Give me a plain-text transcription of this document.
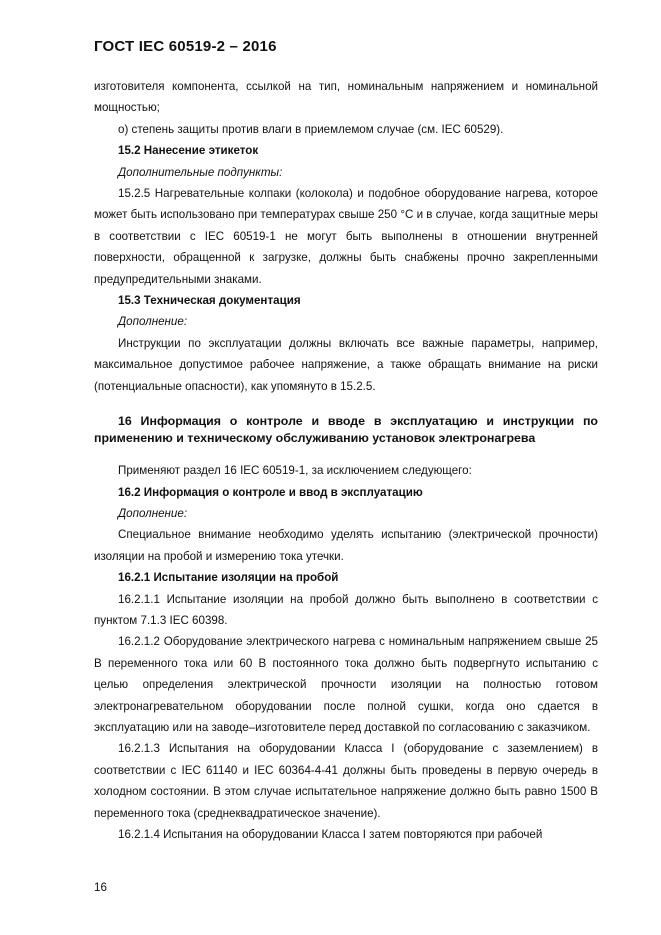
ГОСТ IEC 60519-2 – 2016

изготовителя компонента, ссылкой на тип, номинальным напряжением и номинальной мощностью;

o) степень защиты против влаги в приемлемом случае (см. IEC 60529).

15.2 Нанесение этикеток

Дополнительные подпункты:

15.2.5 Нагревательные колпаки (колокола) и подобное оборудование нагрева, которое может быть использовано при температурах свыше 250 °С и в случае, когда защитные меры в соответствии с IEC 60519-1 не могут быть выполнены в отношении внутренней поверхности, обращенной к загрузке, должны быть снабжены прочно закрепленными предупредительными знаками.

15.3 Техническая документация

Дополнение:

Инструкции по эксплуатации должны включать все важные параметры, например, максимальное допустимое рабочее напряжение, а также обращать внимание на риски (потенциальные опасности), как упомянуто в 15.2.5.

16 Информация о контроле и вводе в эксплуатацию и инструкции по применению и техническому обслуживанию установок электронагрева

Применяют раздел 16 IEC 60519-1, за исключением следующего:

16.2 Информация о контроле и ввод в эксплуатацию

Дополнение:

Специальное внимание необходимо уделять испытанию (электрической прочности) изоляции на пробой и измерению тока утечки.

16.2.1 Испытание изоляции на пробой

16.2.1.1 Испытание изоляции на пробой должно быть выполнено в соответствии с пунктом 7.1.3 IEC 60398.

16.2.1.2 Оборудование электрического нагрева с номинальным напряжением свыше 25 В переменного тока или 60 В постоянного тока должно быть подвергнуто испытанию с целью определения электрической прочности изоляции на полностью готовом электронагревательном оборудовании после полной сушки, когда оно сдается в эксплуатацию или на заводе–изготовителе перед доставкой по согласованию с заказчиком.

16.2.1.3 Испытания на оборудовании Класса I (оборудование с заземлением) в соответствии с IEC 61140 и IEC 60364-4-41 должны быть проведены в первую очередь в холодном состоянии. В этом случае испытательное напряжение должно быть равно 1500 В переменного тока (среднеквадратическое значение).

16.2.1.4 Испытания на оборудовании Класса I затем повторяются при рабочей

16
